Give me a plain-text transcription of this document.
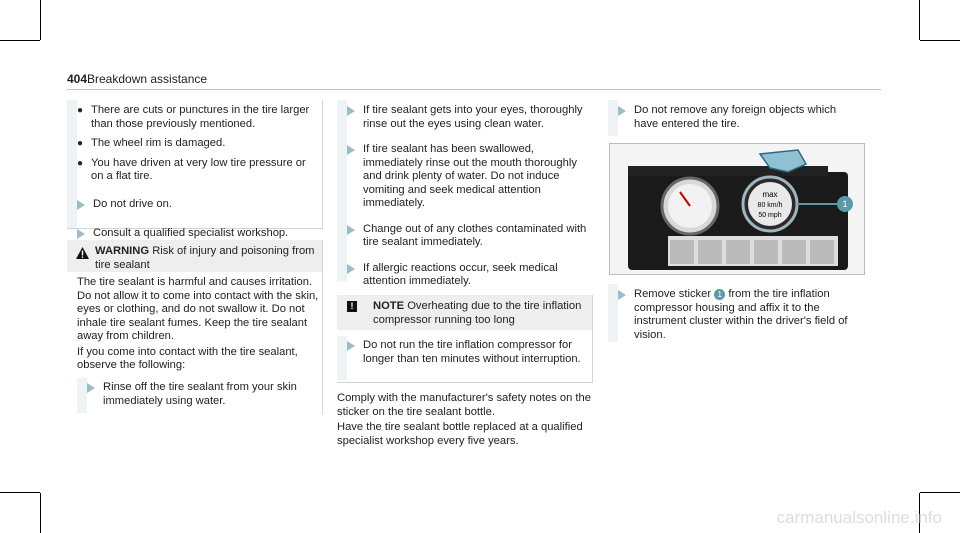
404 Breakdown assistance
● There are cuts or punctures in the tire larger than those previously mentioned.
● The wheel rim is damaged.
● You have driven at very low tire pressure or on a flat tire.
Do not drive on.
Consult a qualified specialist workshop.
WARNING Risk of injury and poisoning from tire sealant

The tire sealant is harmful and causes irritation. Do not allow it to come into contact with the skin, eyes or clothing, and do not swallow it. Do not inhale tire sealant fumes. Keep the tire sealant away from children.

If you come into contact with the tire sealant, observe the following:

Rinse off the tire sealant from your skin immediately using water.
If tire sealant gets into your eyes, thoroughly rinse out the eyes using clean water.
If tire sealant has been swallowed, immediately rinse out the mouth thoroughly and drink plenty of water. Do not induce vomiting and seek medical attention immediately.
Change out of any clothes contaminated with tire sealant immediately.
If allergic reactions occur, seek medical attention immediately.
!	NOTE Overheating due to the tire inflation compressor running too long
Do not run the tire inflation compressor for longer than ten minutes without interruption.

Comply with the manufacturer's safety notes on the sticker on the tire sealant bottle.

Have the tire sealant bottle replaced at a qualified specialist workshop every five years.

Do not remove any foreign objects which have entered the tire.
max
80 km/h
50 mph
1
Remove sticker 1 from the tire inflation compressor housing and affix it to the instrument cluster within the driver's field of vision.
carmanualsonline.info
